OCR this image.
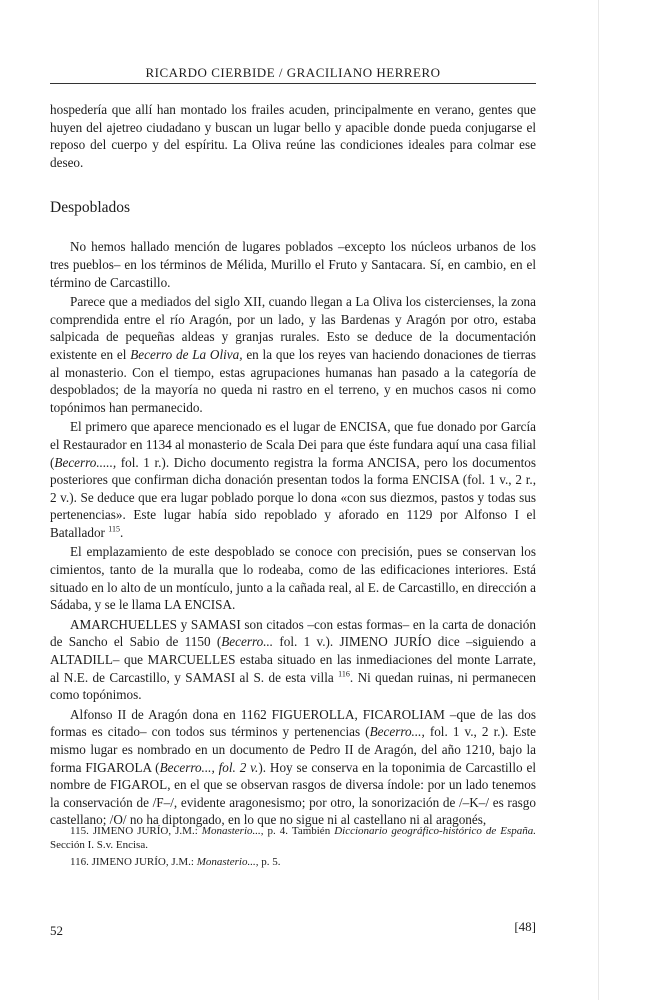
RICARDO CIERBIDE / GRACILIANO HERRERO

hospedería que allí han montado los frailes acuden, principalmente en verano, gentes que huyen del ajetreo ciudadano y buscan un lugar bello y apacible donde pueda conjugarse el reposo del cuerpo y del espíritu. La Oliva reúne las condiciones ideales para colmar ese deseo.

Despoblados

No hemos hallado mención de lugares poblados –excepto los núcleos urbanos de los tres pueblos– en los términos de Mélida, Murillo el Fruto y Santacara. Sí, en cambio, en el término de Carcastillo.

Parece que a mediados del siglo XII, cuando llegan a La Oliva los cistercienses, la zona comprendida entre el río Aragón, por un lado, y las Bardenas y Aragón por otro, estaba salpicada de pequeñas aldeas y granjas rurales. Esto se deduce de la documentación existente en el Becerro de La Oliva, en la que los reyes van haciendo donaciones de tierras al monasterio. Con el tiempo, estas agrupaciones humanas han pasado a la categoría de despoblados; de la mayoría no queda ni rastro en el terreno, y en muchos casos ni como topónimos han permanecido.

El primero que aparece mencionado es el lugar de ENCISA, que fue donado por García el Restaurador en 1134 al monasterio de Scala Dei para que éste fundara aquí una casa filial (Becerro....., fol. 1 r.). Dicho documento registra la forma ANCISA, pero los documentos posteriores que confirman dicha donación presentan todos la forma ENCISA (fol. 1 v., 2 r., 2 v.). Se deduce que era lugar poblado porque lo dona «con sus diezmos, pastos y todas sus pertenencias». Este lugar había sido repoblado y aforado en 1129 por Alfonso I el Batallador $^{115}$.

El emplazamiento de este despoblado se conoce con precisión, pues se conservan los cimientos, tanto de la muralla que lo rodeaba, como de las edificaciones interiores. Está situado en lo alto de un montículo, junto a la cañada real, al E. de Carcastillo, en dirección a Sádaba, y se le llama LA ENCISA.

AMARCHUELLES y SAMASI son citados –con estas formas– en la carta de donación de Sancho el Sabio de 1150 (Becerro... fol. 1 v.). JIMENO JURÍO dice –siguiendo a ALTADILL– que MARCUELLES estaba situado en las inmediaciones del monte Larrate, al N.E. de Carcastillo, y SAMASI al S. de esta villa $^{116}$. Ni quedan ruinas, ni permanecen como topónimos.

Alfonso II de Aragón dona en 1162 FIGUEROLLA, FICAROLIAM –que de las dos formas es citado– con todos sus términos y pertenencias (Becerro..., fol. 1 v., 2 r.). Este mismo lugar es nombrado en un documento de Pedro II de Aragón, del año 1210, bajo la forma FIGAROLA (Becerro..., fol. 2 v.). Hoy se conserva en la toponimia de Carcastillo el nombre de FIGAROL, en el que se observan rasgos de diversa índole: por un lado tenemos la conservación de /F–/, evidente aragonesismo; por otro, la sonorización de /–K–/ es rasgo castellano; /O/ no ha diptongado, en lo que no sigue ni al castellano ni al aragonés,

115. JIMENO JURÍO, J.M.: Monasterio..., p. 4. También Diccionario geográfico-histórico de España. Sección I. S.v. Encisa.

116. JIMENO JURÍO, J.M.: Monasterio..., p. 5.

52	[48]
